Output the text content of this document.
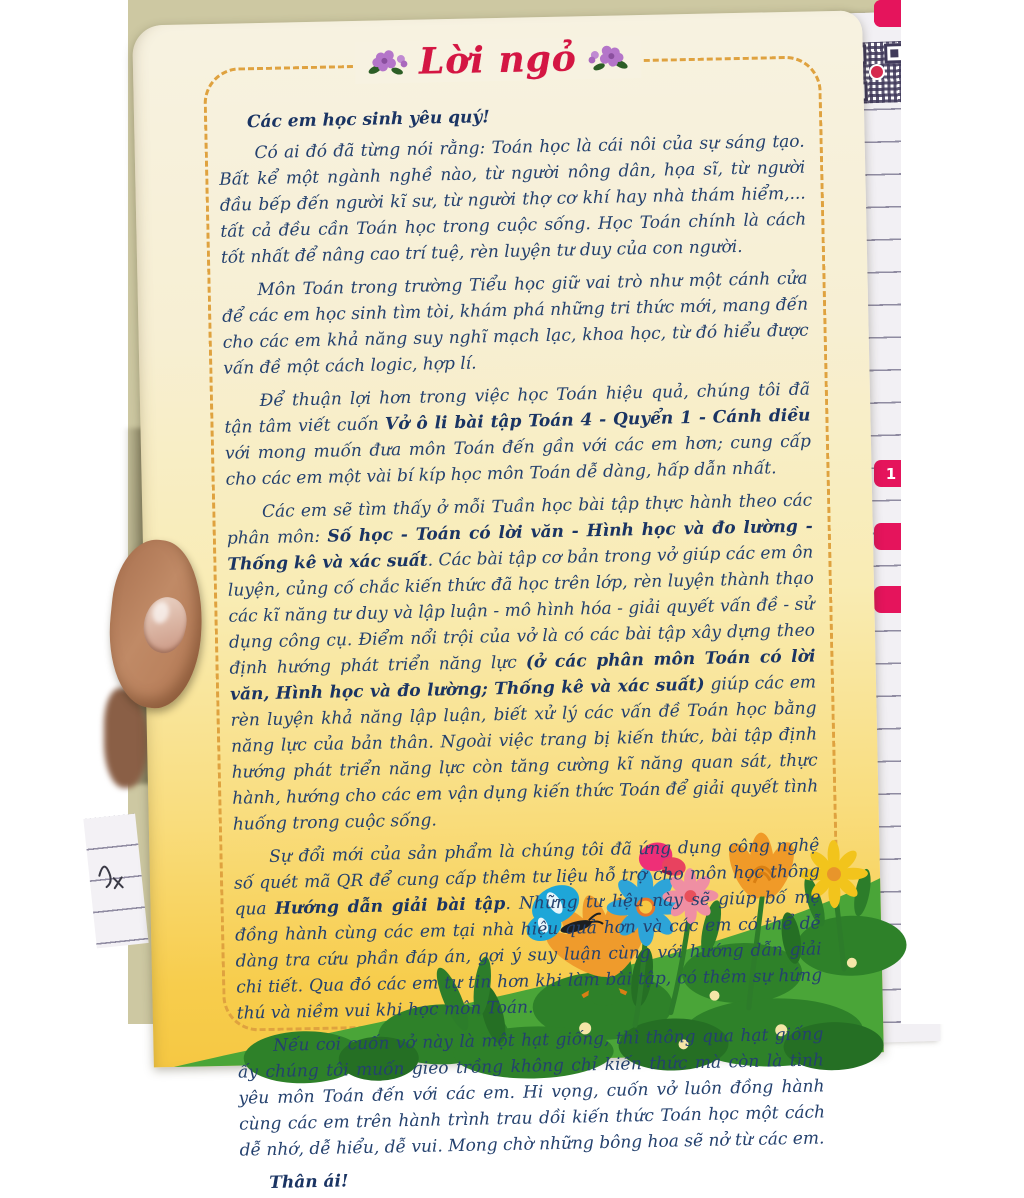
1
Lời ngỏ

Các em học sinh yêu quý!

Có ai đó đã từng nói rằng: Toán học là cái nôi của sự sáng tạo. Bất kể một ngành nghề nào, từ người nông dân, họa sĩ, từ người đầu bếp đến người kĩ sư, từ người thợ cơ khí hay nhà thám hiểm,... tất cả đều cần Toán học trong cuộc sống. Học Toán chính là cách tốt nhất để nâng cao trí tuệ, rèn luyện tư duy của con người.

Môn Toán trong trường Tiểu học giữ vai trò như một cánh cửa để các em học sinh tìm tòi, khám phá những tri thức mới, mang đến cho các em khả năng suy nghĩ mạch lạc, khoa học, từ đó hiểu được vấn đề một cách logic, hợp lí.

Để thuận lợi hơn trong việc học Toán hiệu quả, chúng tôi đã tận tâm viết cuốn Vở ô li bài tập Toán 4 - Quyển 1 - Cánh diều với mong muốn đưa môn Toán đến gần với các em hơn; cung cấp cho các em một vài bí kíp học môn Toán dễ dàng, hấp dẫn nhất.

Các em sẽ tìm thấy ở mỗi Tuần học bài tập thực hành theo các phân môn: Số học - Toán có lời văn - Hình học và đo lường - Thống kê và xác suất. Các bài tập cơ bản trong vở giúp các em ôn luyện, củng cố chắc kiến thức đã học trên lớp, rèn luyện thành thạo các kĩ năng tư duy và lập luận - mô hình hóa - giải quyết vấn đề - sử dụng công cụ. Điểm nổi trội của vở là có các bài tập xây dựng theo định hướng phát triển năng lực (ở các phân môn Toán có lời văn, Hình học và đo lường; Thống kê và xác suất) giúp các em rèn luyện khả năng lập luận, biết xử lý các vấn đề Toán học bằng năng lực của bản thân. Ngoài việc trang bị kiến thức, bài tập định hướng phát triển năng lực còn tăng cường kĩ năng quan sát, thực hành, hướng cho các em vận dụng kiến thức Toán để giải quyết tình huống trong cuộc sống.

Sự đổi mới của sản phẩm là chúng tôi đã ứng dụng công nghệ số quét mã QR để cung cấp thêm tư liệu hỗ trợ cho môn học thông qua Hướng dẫn giải bài tập. Những tư liệu này sẽ giúp bố mẹ đồng hành cùng các em tại nhà hiệu quả hơn và các em có thể dễ dàng tra cứu phần đáp án, gợi ý suy luận cùng với hướng dẫn giải chi tiết. Qua đó các em tự tin hơn khi làm bài tập, có thêm sự hứng thú và niềm vui khi học môn Toán.

Nếu coi cuốn vở này là một hạt giống, thì thông qua hạt giống ấy chúng tôi muốn gieo trồng không chỉ kiến thức mà còn là tình yêu môn Toán đến với các em. Hi vọng, cuốn vở luôn đồng hành cùng các em trên hành trình trau dồi kiến thức Toán học một cách dễ nhớ, dễ hiểu, dễ vui. Mong chờ những bông hoa sẽ nở từ các em.

Thân ái!
